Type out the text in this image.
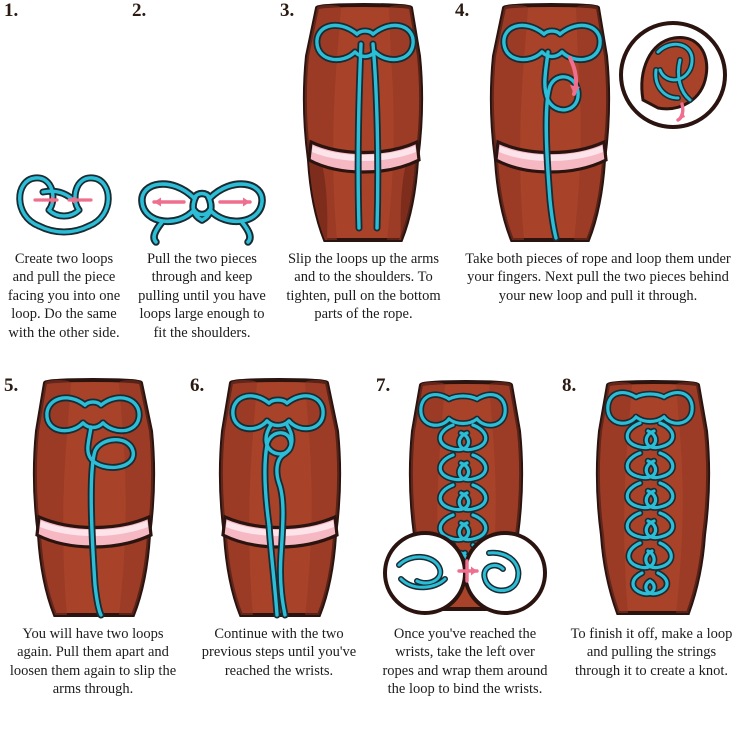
1.
Create two loops and pull the piece facing you into one loop. Do the same with the other side.
2.
Pull the two pieces through and keep pulling until you have loops large enough to fit the shoulders.
3.
Slip the loops up the arms and to the shoulders. To tighten, pull on the bottom parts of the rope.
4.
Take both pieces of rope and loop them under your fingers. Next pull the two pieces behind your new loop and pull it through.
5.
You will have two loops again. Pull them apart and loosen them again to slip the arms through.
6.
Continue with the two previous steps until you've reached the wrists.
7.
Once you've reached the wrists, take the left over ropes and wrap them around the loop to bind the wrists.
8.
To finish it off, make a loop and pulling the strings through it to create a knot.
